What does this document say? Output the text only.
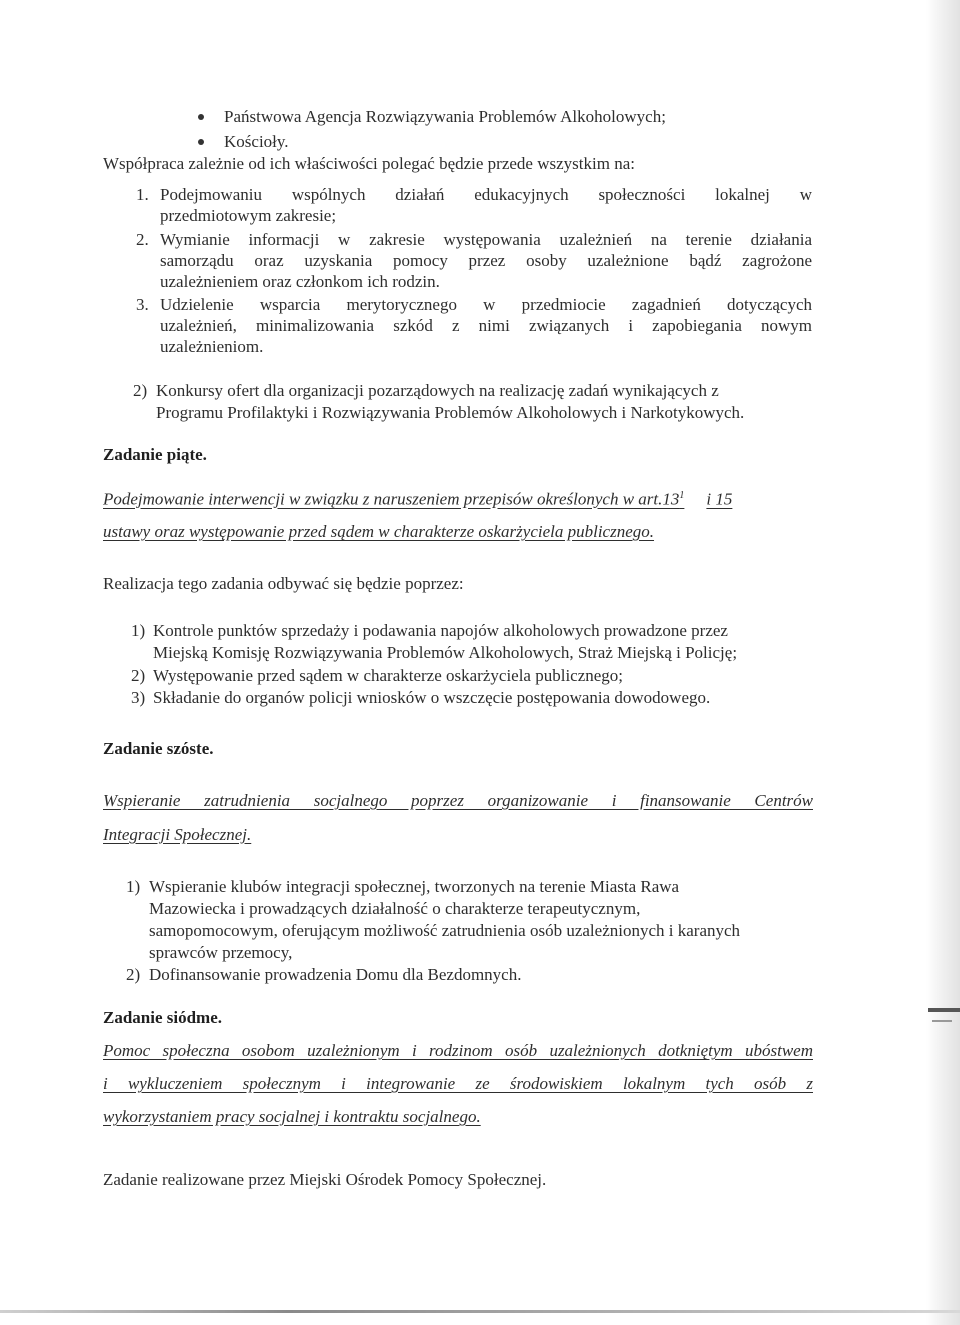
Państwowa Agencja Rozwiązywania Problemów Alkoholowych;

Kościoły.

Współpraca zależnie od ich właściwości polegać będzie przede wszystkim na:

1. Podejmowaniu wspólnych działań edukacyjnych społeczności lokalnej w

przedmiotowym zakresie;

2. Wymianie informacji w zakresie występowania uzależnień na terenie działania

samorządu oraz uzyskania pomocy przez osoby uzależnione bądź zagrożone

uzależnieniem oraz członkom ich rodzin.

3. Udzielenie wsparcia merytorycznego w przedmiocie zagadnień dotyczących

uzależnień, minimalizowania szkód z nimi związanych i zapobiegania nowym

uzależnieniom.

2) Konkursy ofert dla organizacji pozarządowych na realizację zadań wynikających z

Programu Profilaktyki i Rozwiązywania Problemów Alkoholowych i Narkotykowych.

Zadanie piąte.

Podejmowanie interwencji w związku z naruszeniem przepisów określonych w $art.13^1$ i 15

ustawy oraz występowanie przed sądem w charakterze oskarżyciela publicznego.

Realizacja tego zadania odbywać się będzie poprzez:

1) Kontrole punktów sprzedaży i podawania napojów alkoholowych prowadzone przez

Miejską Komisję Rozwiązywania Problemów Alkoholowych, Straż Miejską i Policję;

2) Występowanie przed sądem w charakterze oskarżyciela publicznego;

3) Składanie do organów policji wniosków o wszczęcie postępowania dowodowego.

Zadanie szóste.

Wspieranie zatrudnienia socjalnego poprzez organizowanie i finansowanie Centrów

Integracji Społecznej.

1) Wspieranie klubów integracji społecznej, tworzonych na terenie Miasta Rawa

Mazowiecka i prowadzących działalność o charakterze terapeutycznym,

samopomocowym, oferującym możliwość zatrudnienia osób uzależnionych i karanych

sprawców przemocy,

2) Dofinansowanie prowadzenia Domu dla Bezdomnych.

Zadanie siódme.

Pomoc społeczna osobom uzależnionym i rodzinom osób uzależnionych dotkniętym ubóstwem

i wykluczeniem społecznym i integrowanie ze środowiskiem lokalnym tych osób z

wykorzystaniem pracy socjalnej i kontraktu socjalnego.

Zadanie realizowane przez Miejski Ośrodek Pomocy Społecznej.
